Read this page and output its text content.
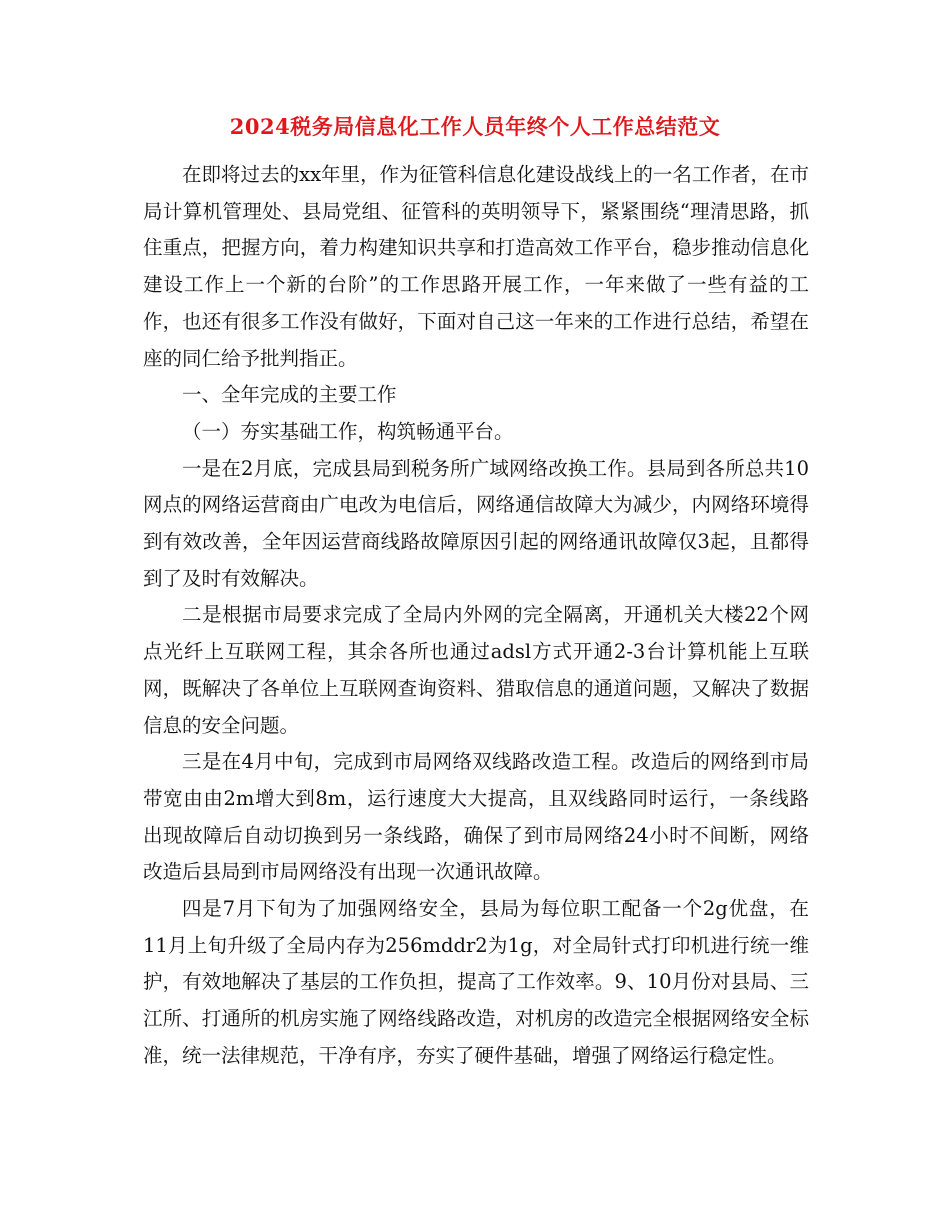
2024税务局信息化工作人员年终个人工作总结范文

在即将过去的xx年里，作为征管科信息化建设战线上的一名工作者，在市局计算机管理处、县局党组、征管科的英明领导下，紧紧围绕“理清思路，抓住重点，把握方向，着力构建知识共享和打造高效工作平台，稳步推动信息化建设工作上一个新的台阶”的工作思路开展工作，一年来做了一些有益的工作，也还有很多工作没有做好，下面对自己这一年来的工作进行总结，希望在座的同仁给予批判指正。

一、全年完成的主要工作

（一）夯实基础工作，构筑畅通平台。

一是在2月底，完成县局到税务所广域网络改换工作。县局到各所总共10网点的网络运营商由广电改为电信后，网络通信故障大为减少，内网络环境得到有效改善，全年因运营商线路故障原因引起的网络通讯故障仅3起，且都得到了及时有效解决。

二是根据市局要求完成了全局内外网的完全隔离，开通机关大楼22个网点光纤上互联网工程，其余各所也通过adsl方式开通2-3台计算机能上互联网，既解决了各单位上互联网查询资料、猎取信息的通道问题，又解决了数据信息的安全问题。

三是在4月中旬，完成到市局网络双线路改造工程。改造后的网络到市局带宽由由2m增大到8m，运行速度大大提高，且双线路同时运行，一条线路出现故障后自动切换到另一条线路，确保了到市局网络24小时不间断，网络改造后县局到市局网络没有出现一次通讯故障。

四是7月下旬为了加强网络安全，县局为每位职工配备一个2g优盘，在11月上旬升级了全局内存为256mddr2为1g，对全局针式打印机进行统一维护，有效地解决了基层的工作负担，提高了工作效率。9、10月份对县局、三江所、打通所的机房实施了网络线路改造，对机房的改造完全根据网络安全标准，统一法律规范，干净有序，夯实了硬件基础，增强了网络运行稳定性。
